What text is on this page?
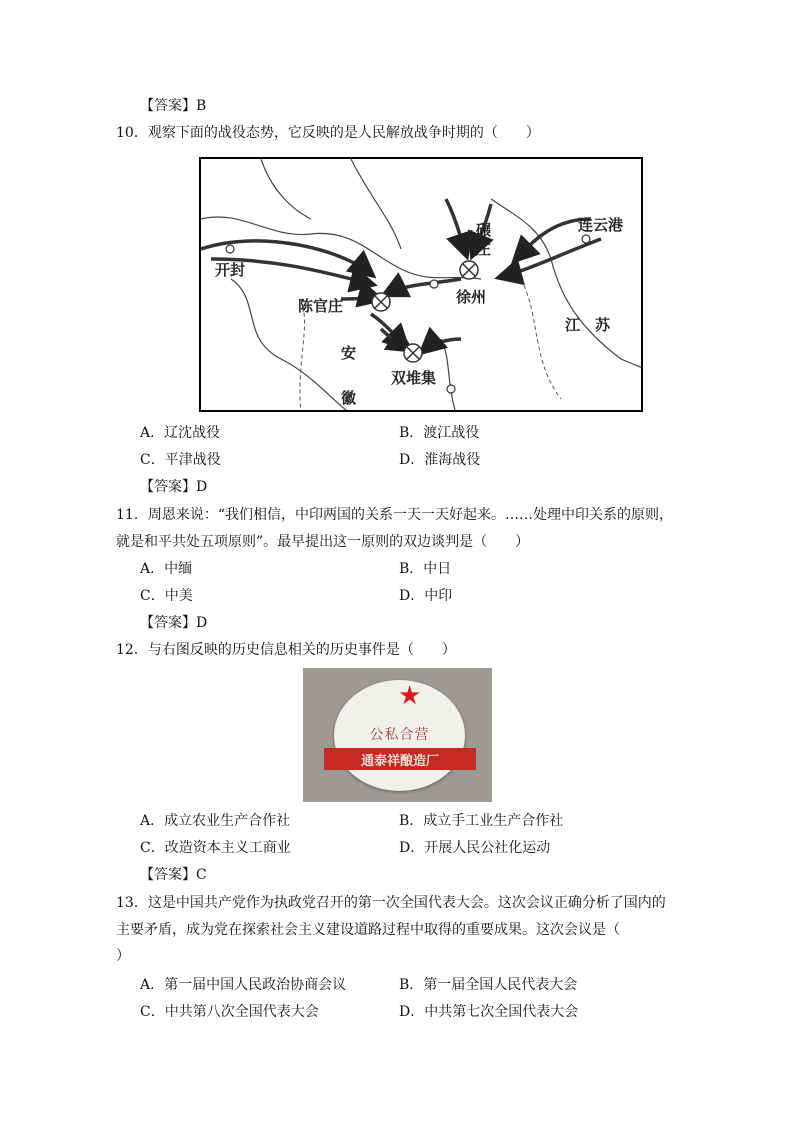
【答案】B
10．观察下面的战役态势，它反映的是人民解放战争时期的（　　）
开封
连云港
碾
庄
徐州
陈官庄
江　苏
安
徽
双堆集
A．辽沈战役	B．渡江战役
C．平津战役	D．淮海战役
【答案】D
11．周恩来说：“我们相信，中印两国的关系一天一天好起来。……处理中印关系的原则，
就是和平共处五项原则”。最早提出这一原则的双边谈判是（　　）
A．中缅	B．中日
C．中美	D．中印
【答案】D
12．与右图反映的历史信息相关的历史事件是（　　）
★
公私合营
通泰祥酿造厂
A．成立农业生产合作社	B．成立手工业生产合作社
C．改造资本主义工商业	D．开展人民公社化运动
【答案】C
13．这是中国共产党作为执政党召开的第一次全国代表大会。这次会议正确分析了国内的
主要矛盾，成为党在探索社会主义建设道路过程中取得的重要成果。这次会议是（
）
A．第一届中国人民政治协商会议	B．第一届全国人民代表大会
C．中共第八次全国代表大会	D．中共第七次全国代表大会
